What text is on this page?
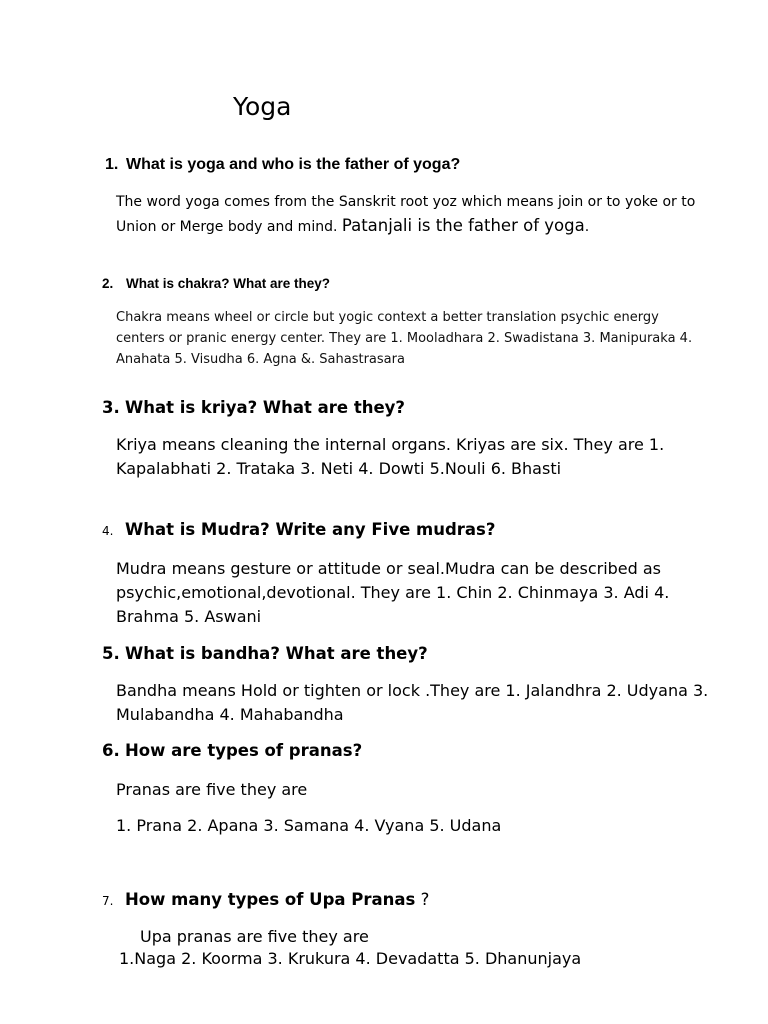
Yoga
1. What is yoga and who is the father of yoga?
The word yoga comes from the Sanskrit root yoz which means join or to yoke or to Union or Merge body and mind. Patanjali is the father of yoga.
2. What is chakra? What are they?
Chakra means wheel or circle but yogic context a better translation psychic energy centers or pranic energy center. They are 1. Mooladhara 2. Swadistana 3. Manipuraka 4. Anahata 5. Visudha 6. Agna &. Sahastrasara
3. What is kriya? What are they?
Kriya means cleaning the internal organs. Kriyas are six. They are 1. Kapalabhati 2. Trataka 3. Neti 4. Dowti 5.Nouli 6. Bhasti
4. What is Mudra? Write any Five mudras?
Mudra means gesture or attitude or seal.Mudra can be described as psychic,emotional,devotional. They are 1. Chin 2. Chinmaya 3. Adi 4. Brahma 5. Aswani
5. What is bandha? What are they?
Bandha means Hold or tighten or lock .They are 1. Jalandhra 2. Udyana 3. Mulabandha 4. Mahabandha
6. How are types of pranas?
Pranas are five they are
1. Prana 2. Apana 3. Samana 4. Vyana 5. Udana
7. How many types of Upa Pranas ?
Upa pranas are five they are
1.Naga 2. Koorma 3. Krukura 4. Devadatta 5. Dhanunjaya
